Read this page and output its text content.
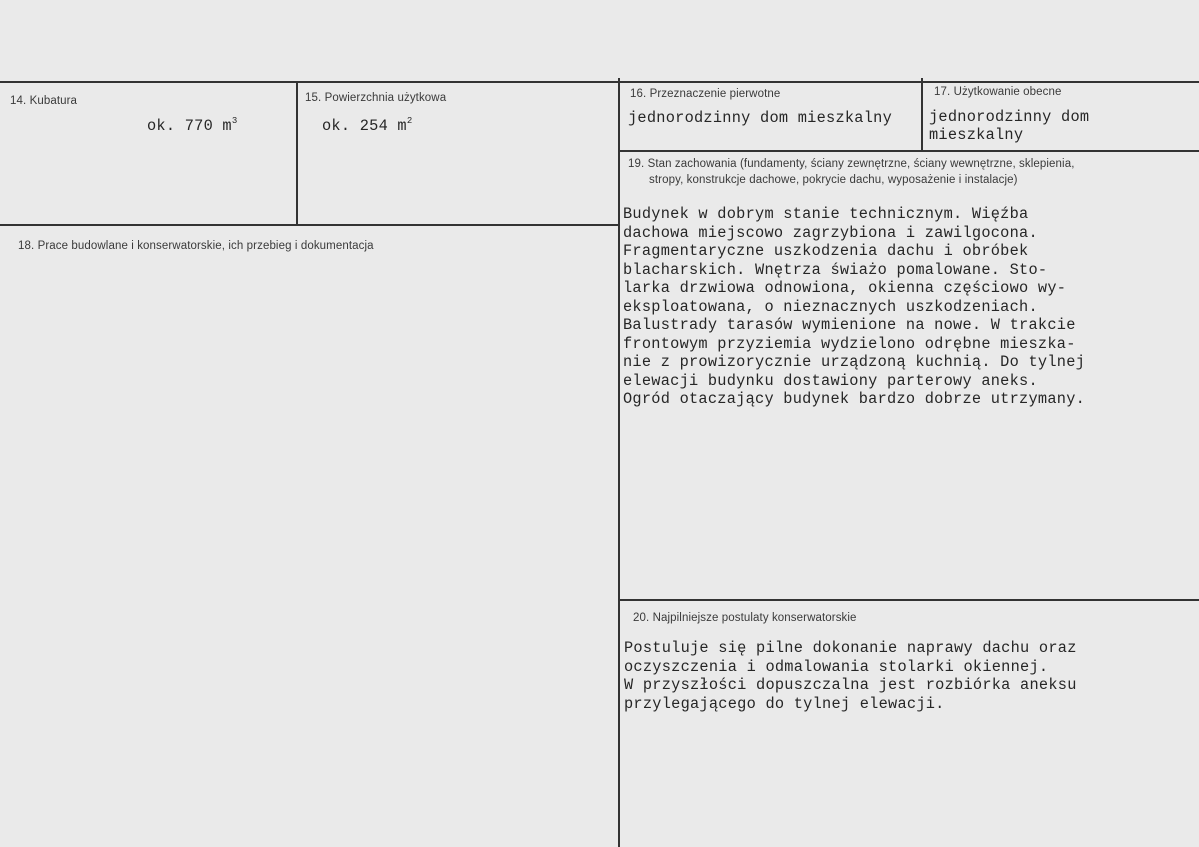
14. Kubatura
ok. 770 $m^3$
15. Powierzchnia użytkowa
ok. 254 $m^2$
16. Przeznaczenie pierwotne
jednorodzinny dom mieszkalny
17. Użytkowanie obecne
jednorodzinny dom
mieszkalny
18. Prace budowlane i konserwatorskie, ich przebieg i dokumentacja
19. Stan zachowania (fundamenty, ściany zewnętrzne, ściany wewnętrzne, sklepienia,
stropy, konstrukcje dachowe, pokrycie dachu, wyposażenie i instalacje)
Budynek w dobrym stanie technicznym. Więźba
dachowa miejscowo zagrzybiona i zawilgocona.
Fragmentaryczne uszkodzenia dachu i obróbek
blacharskich. Wnętrza świażo pomalowane. Sto-
larka drzwiowa odnowiona, okienna częściowo wy-
eksploatowana, o nieznacznych uszkodzeniach.
Balustrady tarasów wymienione na nowe. W trakcie
frontowym przyziemia wydzielono odrębne mieszka-
nie z prowizorycznie urządzoną kuchnią. Do tylnej
elewacji budynku dostawiony parterowy aneks.
Ogród otaczający budynek bardzo dobrze utrzymany.
20. Najpilniejsze postulaty konserwatorskie
Postuluje się pilne dokonanie naprawy dachu oraz
oczyszczenia i odmalowania stolarki okiennej.
W przyszłości dopuszczalna jest rozbiórka aneksu
przylegającego do tylnej elewacji.
